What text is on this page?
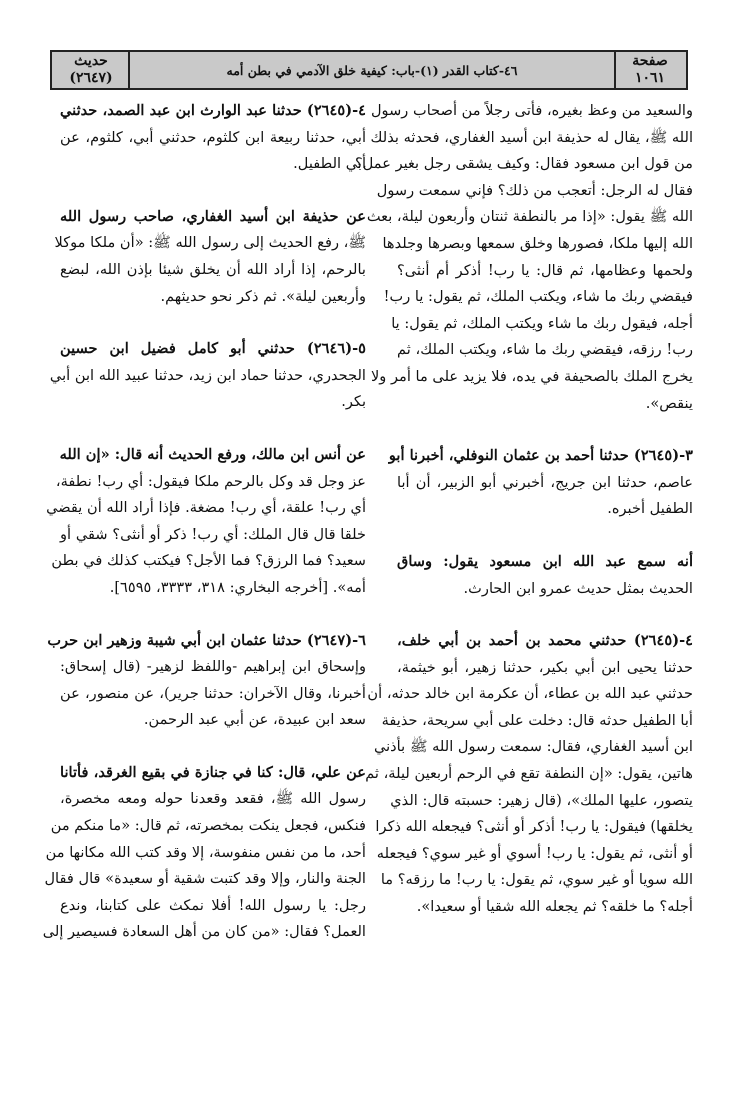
صفحة
١٠٦١
٤٦-كتاب القدر (١)-باب: كيفية خلق الآدمي في بطن أمه
حديث
(٢٦٤٧)
والسعيد من وعظ بغيره، فأتى رجلاً من أصحاب رسول
الله ﷺ، يقال له حذيفة ابن أسيد الغفاري، فحدثه بذلك
من قول ابن مسعود فقال: وكيف يشقى رجل بغير عمل؟
فقال له الرجل: أتعجب من ذلك؟ فإني سمعت رسول
الله ﷺ يقول: «إذا مر بالنطفة ثنتان وأربعون ليلة، بعث
الله إليها ملكا، فصورها وخلق سمعها وبصرها وجلدها
ولحمها وعظامها، ثم قال: يا رب! أذكر أم أنثى؟
فيقضي ربك ما شاء، ويكتب الملك، ثم يقول: يا رب!
أجله، فيقول ربك ما شاء ويكتب الملك، ثم يقول: يا
رب! رزقه، فيقضي ربك ما شاء، ويكتب الملك، ثم
يخرج الملك بالصحيفة في يده، فلا يزيد على ما أمر ولا
ينقص».
٣-(٢٦٤٥) حدثنا أحمد بن عثمان النوفلي، أخبرنا أبو
عاصم، حدثنا ابن جريج، أخبرني أبو الزبير، أن أبا
الطفيل أخبره.
أنه سمع عبد الله ابن مسعود يقول: وساق
الحديث بمثل حديث عمرو ابن الحارث.
٤-(٢٦٤٥) حدثني محمد بن أحمد بن أبي خلف،
حدثنا يحيى ابن أبي بكير، حدثنا زهير، أبو خيثمة،
حدثني عبد الله بن عطاء، أن عكرمة ابن خالد حدثه، أن
أبا الطفيل حدثه قال: دخلت على أبي سريحة، حذيفة
ابن أسيد الغفاري، فقال: سمعت رسول الله ﷺ بأذني
هاتين، يقول: «إن النطفة تقع في الرحم أربعين ليلة، ثم
يتصور، عليها الملك»، (قال زهير: حسبته قال: الذي
يخلقها) فيقول: يا رب! أذكر أو أنثى؟ فيجعله الله ذكرا
أو أنثى، ثم يقول: يا رب! أسوي أو غير سوي؟ فيجعله
الله سويا أو غير سوي، ثم يقول: يا رب! ما رزقه؟ ما
أجله؟ ما خلقه؟ ثم يجعله الله شقيا أو سعيدا».
٤-(٢٦٤٥) حدثنا عبد الوارث ابن عبد الصمد، حدثني
أبي، حدثنا ربيعة ابن كلثوم، حدثني أبي، كلثوم، عن
أبي الطفيل.
عن حذيفة ابن أسيد الغفاري، صاحب رسول الله
ﷺ، رفع الحديث إلى رسول الله ﷺ: «أن ملكا موكلا
بالرحم، إذا أراد الله أن يخلق شيئا بإذن الله، لبضع
وأربعين ليلة». ثم ذكر نحو حديثهم.
٥-(٢٦٤٦) حدثني أبو كامل فضيل ابن حسين
الجحدري، حدثنا حماد ابن زيد، حدثنا عبيد الله ابن أبي
بكر.
عن أنس ابن مالك، ورفع الحديث أنه قال: «إن الله
عز وجل قد وكل بالرحم ملكا فيقول: أي رب! نطفة،
أي رب! علقة، أي رب! مضغة. فإذا أراد الله أن يقضي
خلقا قال قال الملك: أي رب! ذكر أو أنثى؟ شقي أو
سعيد؟ فما الرزق؟ فما الأجل؟ فيكتب كذلك في بطن
أمه». [أخرجه البخاري: ٣١٨، ٣٣٣٣، ٦٥٩٥].
٦-(٢٦٤٧) حدثنا عثمان ابن أبي شيبة وزهير ابن حرب
وإسحاق ابن إبراهيم -واللفظ لزهير- (قال إسحاق:
أخبرنا، وقال الآخران: حدثنا جرير)، عن منصور، عن
سعد ابن عبيدة، عن أبي عبد الرحمن.
عن علي، قال: كنا في جنازة في بقيع الغرقد، فأتانا
رسول الله ﷺ، فقعد وقعدنا حوله ومعه مخصرة،
فنكس، فجعل ينكت بمخصرته، ثم قال: «ما منكم من
أحد، ما من نفس منفوسة، إلا وقد كتب الله مكانها من
الجنة والنار، وإلا وقد كتبت شقية أو سعيدة» قال فقال
رجل: يا رسول الله! أفلا نمكث على كتابنا، وندع
العمل؟ فقال: «من كان من أهل السعادة فسيصير إلى
